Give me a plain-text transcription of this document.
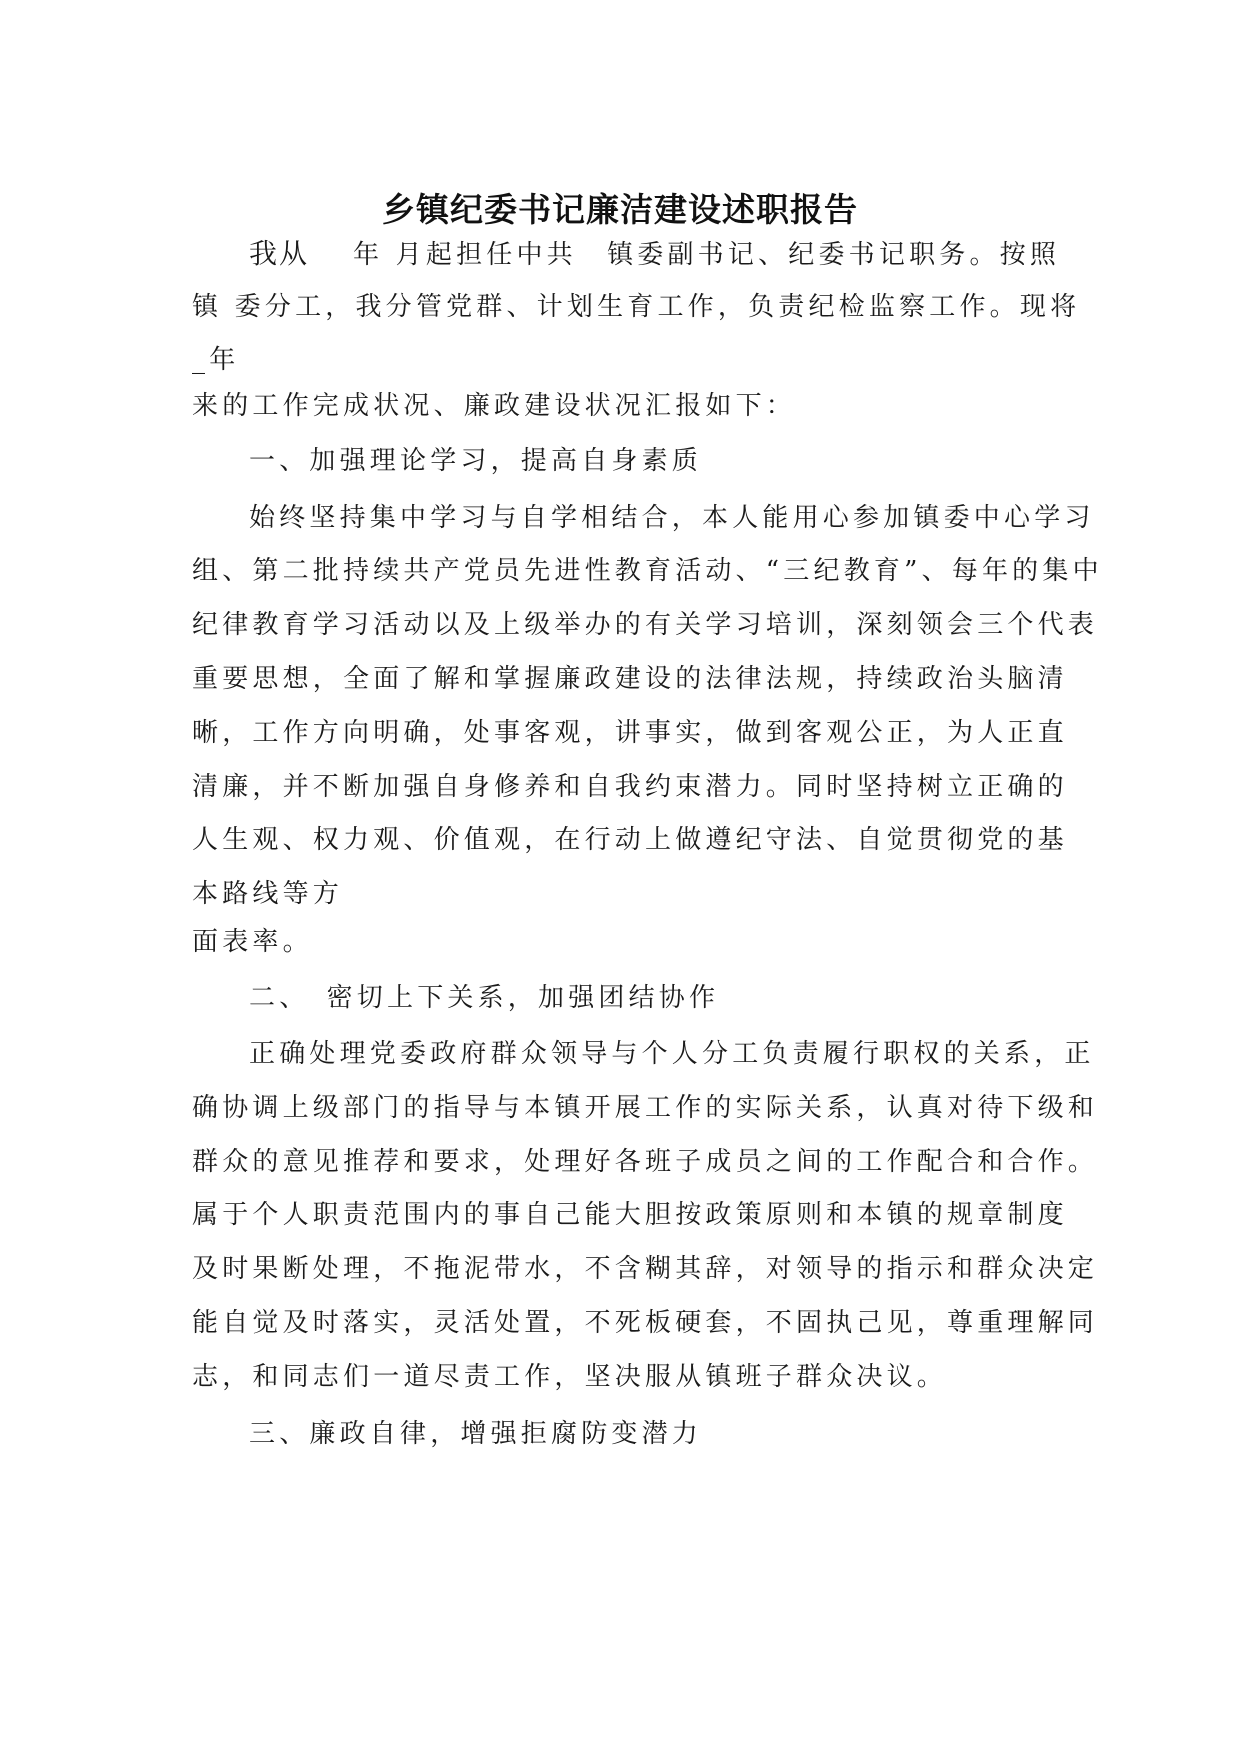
乡镇纪委书记廉洁建设述职报告
我从 年 月起担任中共　镇委副书记、纪委书记职务。按照
镇 委分工，我分管党群、计划生育工作，负责纪检监察工作。现将
_年
来的工作完成状况、廉政建设状况汇报如下：
一、加强理论学习，提高自身素质
始终坚持集中学习与自学相结合，本人能用心参加镇委中心学习
组、第二批持续共产党员先进性教育活动、“三纪教育”、每年的集中
纪律教育学习活动以及上级举办的有关学习培训，深刻领会三个代表
重要思想，全面了解和掌握廉政建设的法律法规，持续政治头脑清
晰，工作方向明确，处事客观，讲事实，做到客观公正，为人正直
清廉，并不断加强自身修养和自我约束潜力。同时坚持树立正确的
人生观、权力观、价值观，在行动上做遵纪守法、自觉贯彻党的基
本路线等方
面表率。
二、　密切上下关系，加强团结协作
正确处理党委政府群众领导与个人分工负责履行职权的关系，正
确协调上级部门的指导与本镇开展工作的实际关系，认真对待下级和
群众的意见推荐和要求，处理好各班子成员之间的工作配合和合作。
属于个人职责范围内的事自己能大胆按政策原则和本镇的规章制度
及时果断处理，不拖泥带水，不含糊其辞，对领导的指示和群众决定
能自觉及时落实，灵活处置，不死板硬套，不固执己见，尊重理解同
志，和同志们一道尽责工作，坚决服从镇班子群众决议。
三、廉政自律，增强拒腐防变潜力
